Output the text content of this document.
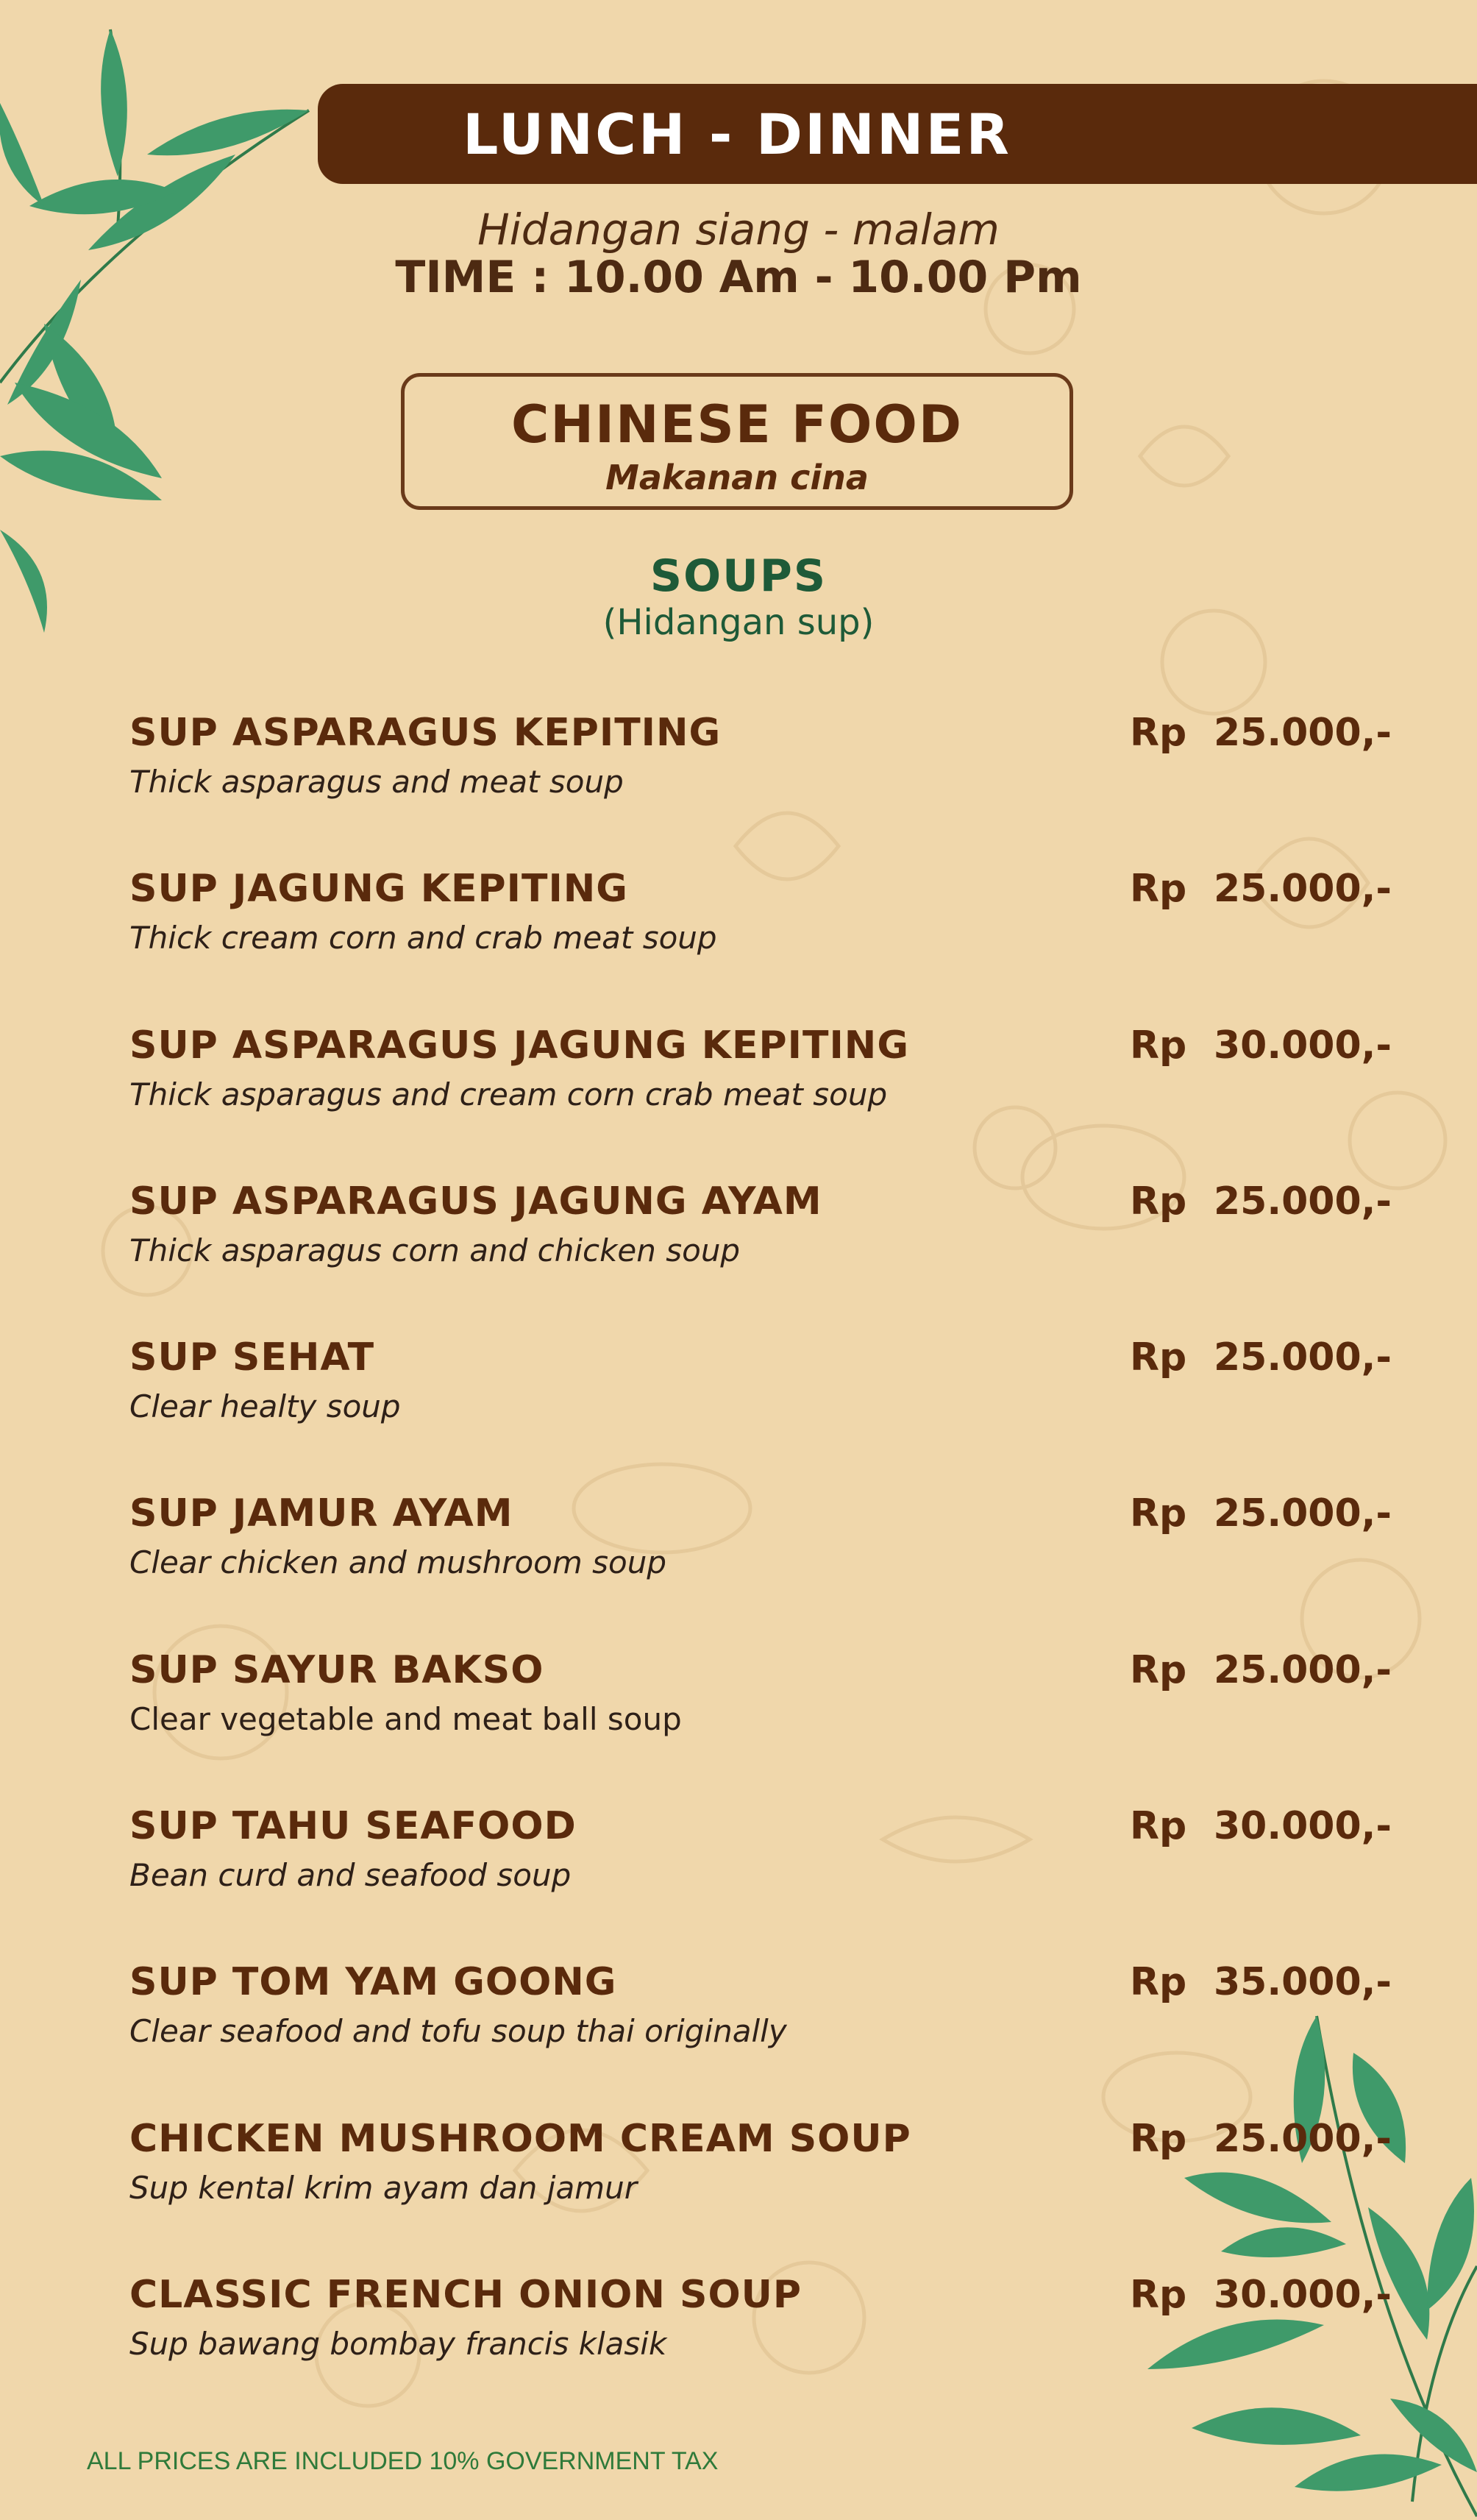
LUNCH - DINNER
Hidangan siang - malam
TIME : 10.00 Am - 10.00 Pm
CHINESE FOOD
Makanan cina
SOUPS
(Hidangan sup)
SUP ASPARAGUS KEPITING
Thick asparagus and meat soup
Rp 25.000,-
SUP JAGUNG KEPITING
Thick cream corn and crab meat soup
Rp 25.000,-
SUP ASPARAGUS JAGUNG KEPITING
Thick asparagus and cream corn crab meat soup
Rp 30.000,-
SUP ASPARAGUS JAGUNG AYAM
Thick asparagus corn and chicken soup
Rp 25.000,-
SUP SEHAT
Clear healty soup
Rp 25.000,-
SUP JAMUR AYAM
Clear chicken and mushroom soup
Rp 25.000,-
SUP SAYUR BAKSO
Clear vegetable and meat ball soup
Rp 25.000,-
SUP TAHU SEAFOOD
Bean curd and seafood soup
Rp 30.000,-
SUP TOM YAM GOONG
Clear seafood and tofu soup thai originally
Rp 35.000,-
CHICKEN MUSHROOM CREAM SOUP
Sup kental krim ayam dan jamur
Rp 25.000,-
CLASSIC FRENCH ONION SOUP
Sup bawang bombay francis klasik
Rp 30.000,-
ALL PRICES ARE INCLUDED 10% GOVERNMENT TAX
